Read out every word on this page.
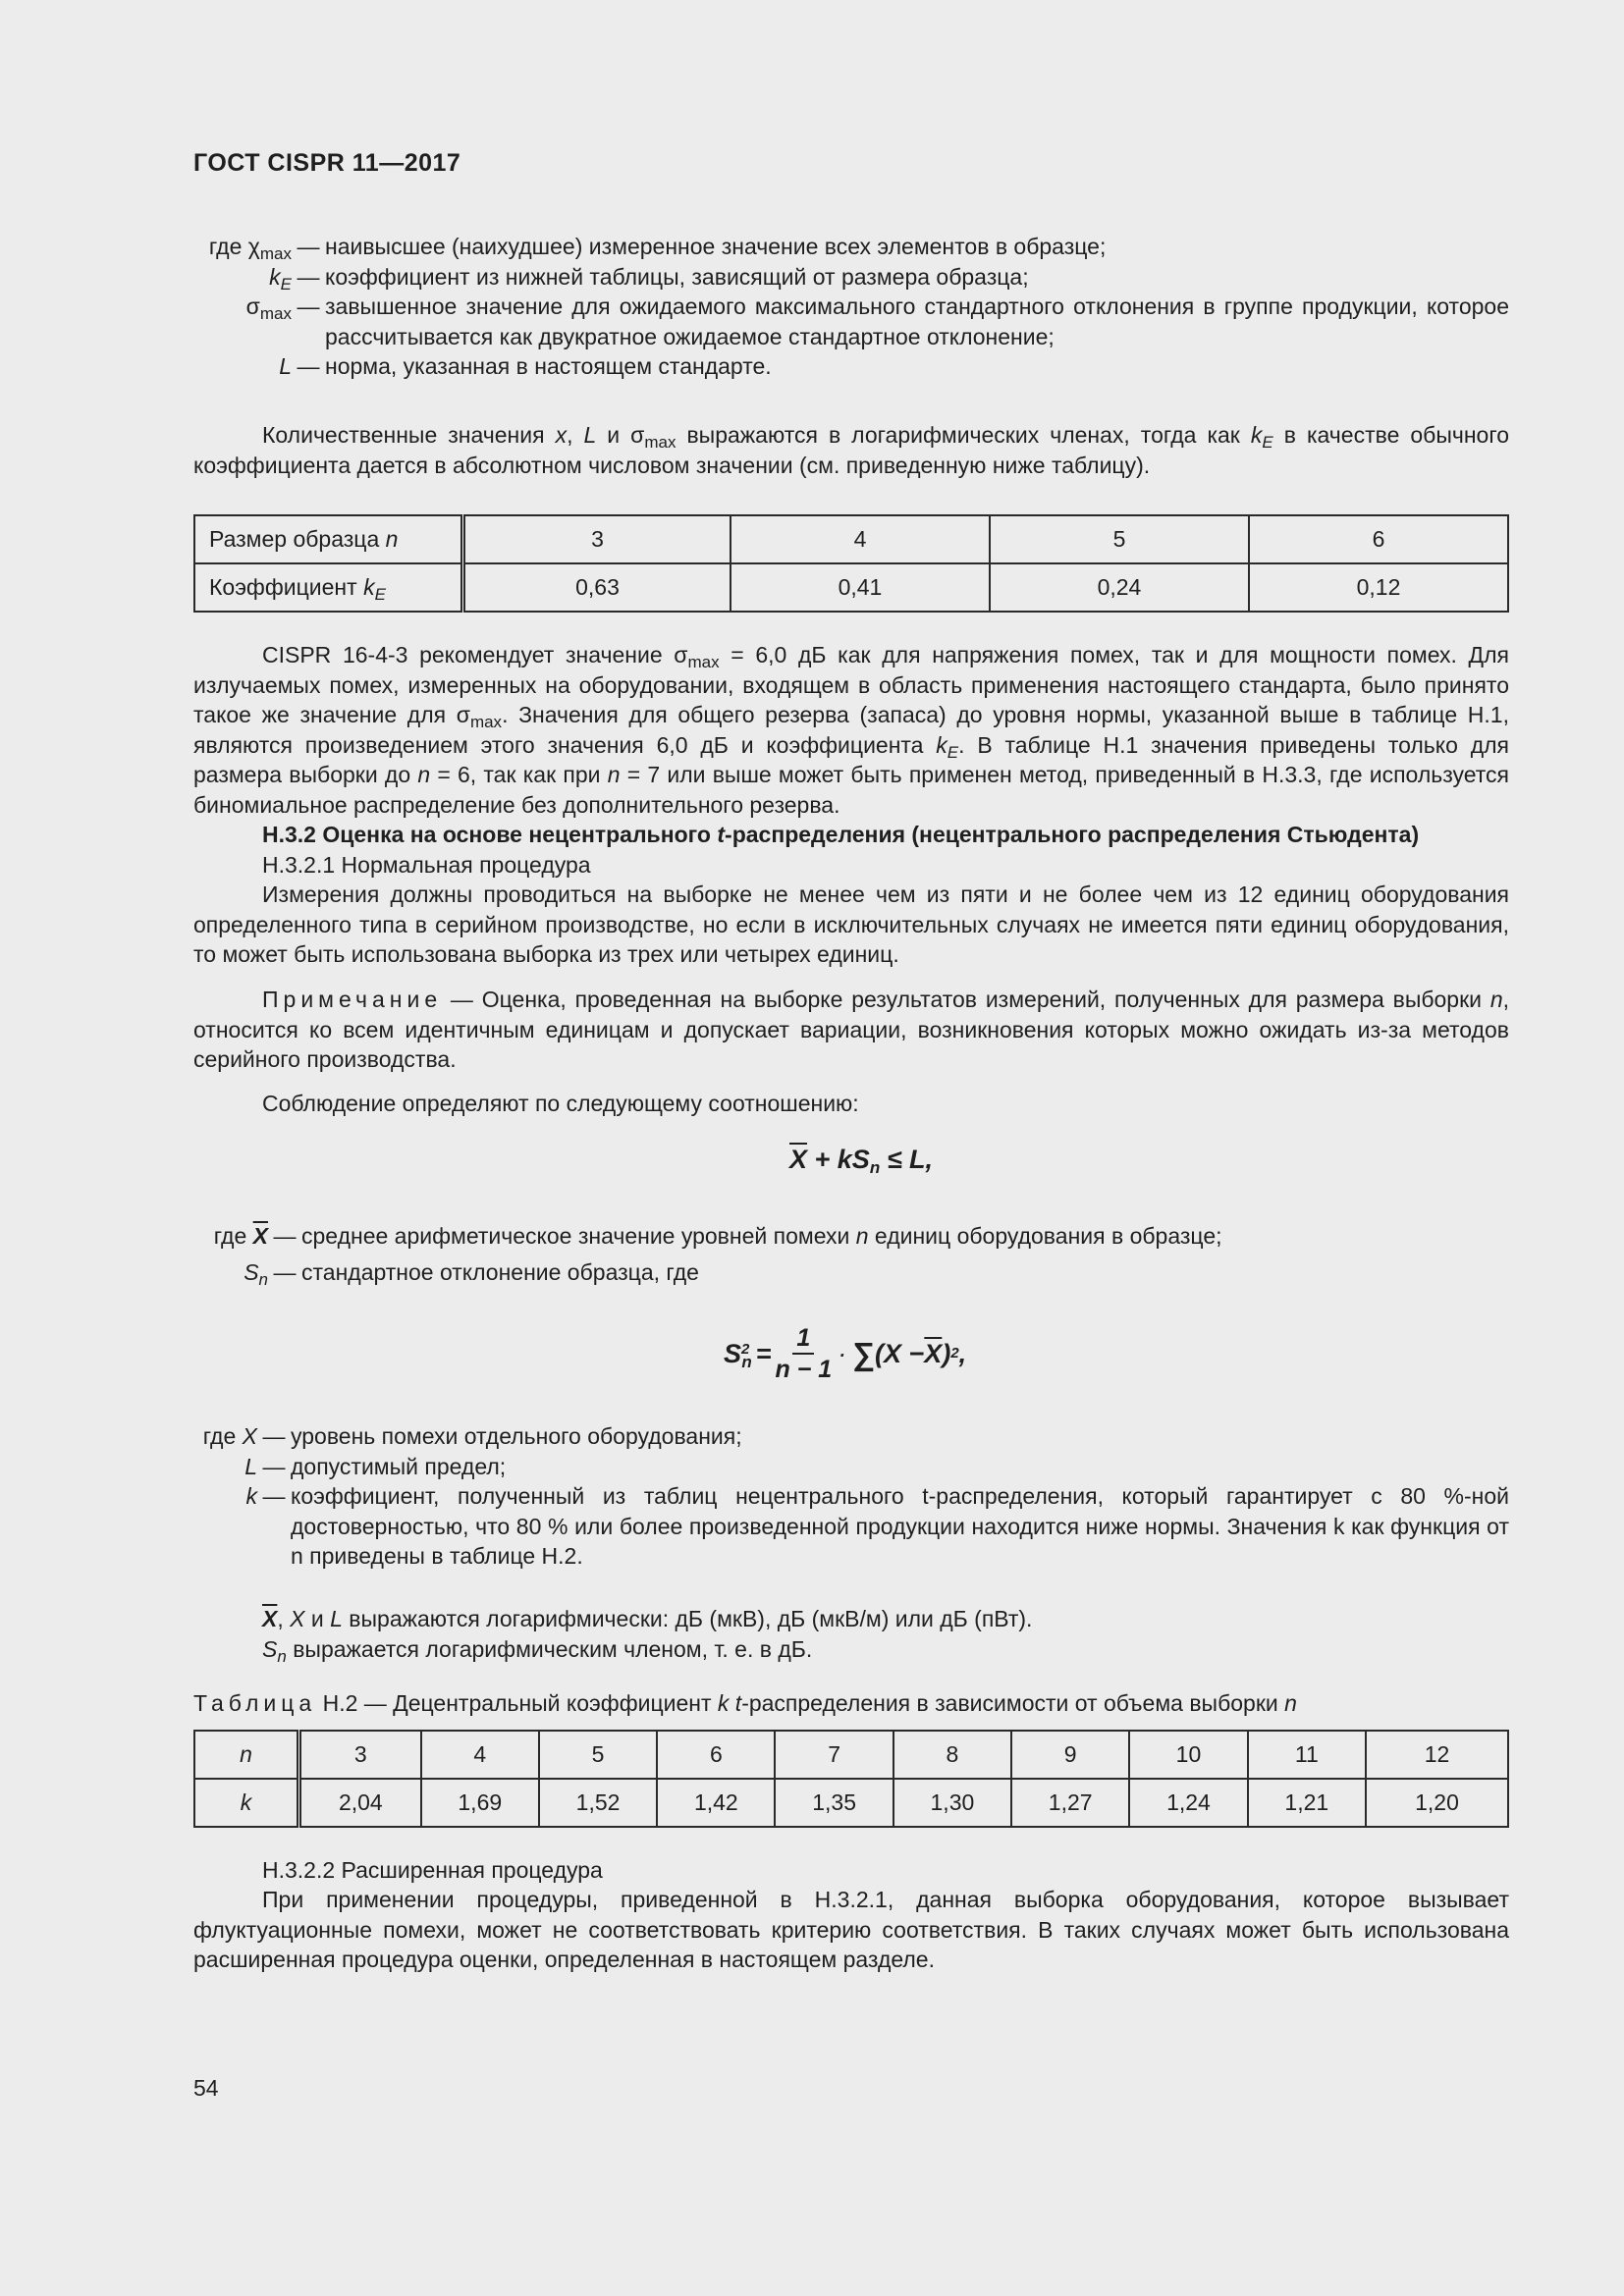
ГОСТ CISPR 11—2017
где $\chi_{max}$ — наивысшее (наихудшее) измеренное значение всех элементов в образце;
$k_E$ — коэффициент из нижней таблицы, зависящий от размера образца;
$\sigma_{max}$ — завышенное значение для ожидаемого максимального стандартного отклонения в группе продукции, которое рассчитывается как двукратное ожидаемое стандартное отклонение;
L — норма, указанная в настоящем стандарте.

Количественные значения x, L и $\sigma_{max}$ выражаются в логарифмических членах, тогда как $k_E$ в качестве обычного коэффициента дается в абсолютном числовом значении (см. приведенную ниже таблицу).

Размер образца n	3	4	5	6
Коэффициент $k_E$	0,63	0,41	0,24	0,12

CISPR 16-4-3 рекомендует значение $\sigma_{max} = 6,0$ дБ как для напряжения помех, так и для мощности помех. Для излучаемых помех, измеренных на оборудовании, входящем в область применения настоящего стандарта, было принято такое же значение для $\sigma_{max}$. Значения для общего резерва (запаса) до уровня нормы, указанной выше в таблице Н.1, являются произведением этого значения 6,0 дБ и коэффициента $k_E$. В таблице Н.1 значения приведены только для размера выборки до n = 6, так как при n = 7 или выше может быть применен метод, приведенный в Н.3.3, где используется биномиальное распределение без дополнительного резерва.

Н.3.2 Оценка на основе нецентрального t-распределения (нецентрального распределения Стьюдента)

Н.3.2.1 Нормальная процедура

Измерения должны проводиться на выборке не менее чем из пяти и не более чем из 12 единиц оборудования определенного типа в серийном производстве, но если в исключительных случаях не имеется пяти единиц оборудования, то может быть использована выборка из трех или четырех единиц.

Примечание — Оценка, проведенная на выборке результатов измерений, полученных для размера выборки n, относится ко всем идентичным единицам и допускает вариации, возникновения которых можно ожидать из-за методов серийного производства.

Соблюдение определяют по следующему соотношению:

$\overline{X} + kS_n \le L$,
где $\overline{X}$ — среднее арифметическое значение уровней помехи n единиц оборудования в образце;
$S_n$ — стандартное отклонение образца, где
$S^2_n = \frac{1}{n - 1}$ · ∑ ($X - \overline{X}$ ) 2 ,
где X — уровень помехи отдельного оборудования;
L — допустимый предел;
k — коэффициент, полученный из таблиц нецентрального t-распределения, который гарантирует с 80 %-ной достоверностью, что 80 % или более произведенной продукции находится ниже нормы. Значения k как функция от n приведены в таблице Н.2.

$\overline{X}$, X и L выражаются логарифмически: дБ (мкВ), дБ (мкВ/м) или дБ (пВт).

$S_n$ выражается логарифмическим членом, т. е. в дБ.

Таблица Н.2 — Децентральный коэффициент k t-распределения в зависимости от объема выборки n

n	3	4	5	6	7	8	9	10	11	12
k	2,04	1,69	1,52	1,42	1,35	1,30	1,27	1,24	1,21	1,20

Н.3.2.2 Расширенная процедура

При применении процедуры, приведенной в Н.3.2.1, данная выборка оборудования, которое вызывает флуктуационные помехи, может не соответствовать критерию соответствия. В таких случаях может быть использована расширенная процедура оценки, определенная в настоящем разделе.

54
